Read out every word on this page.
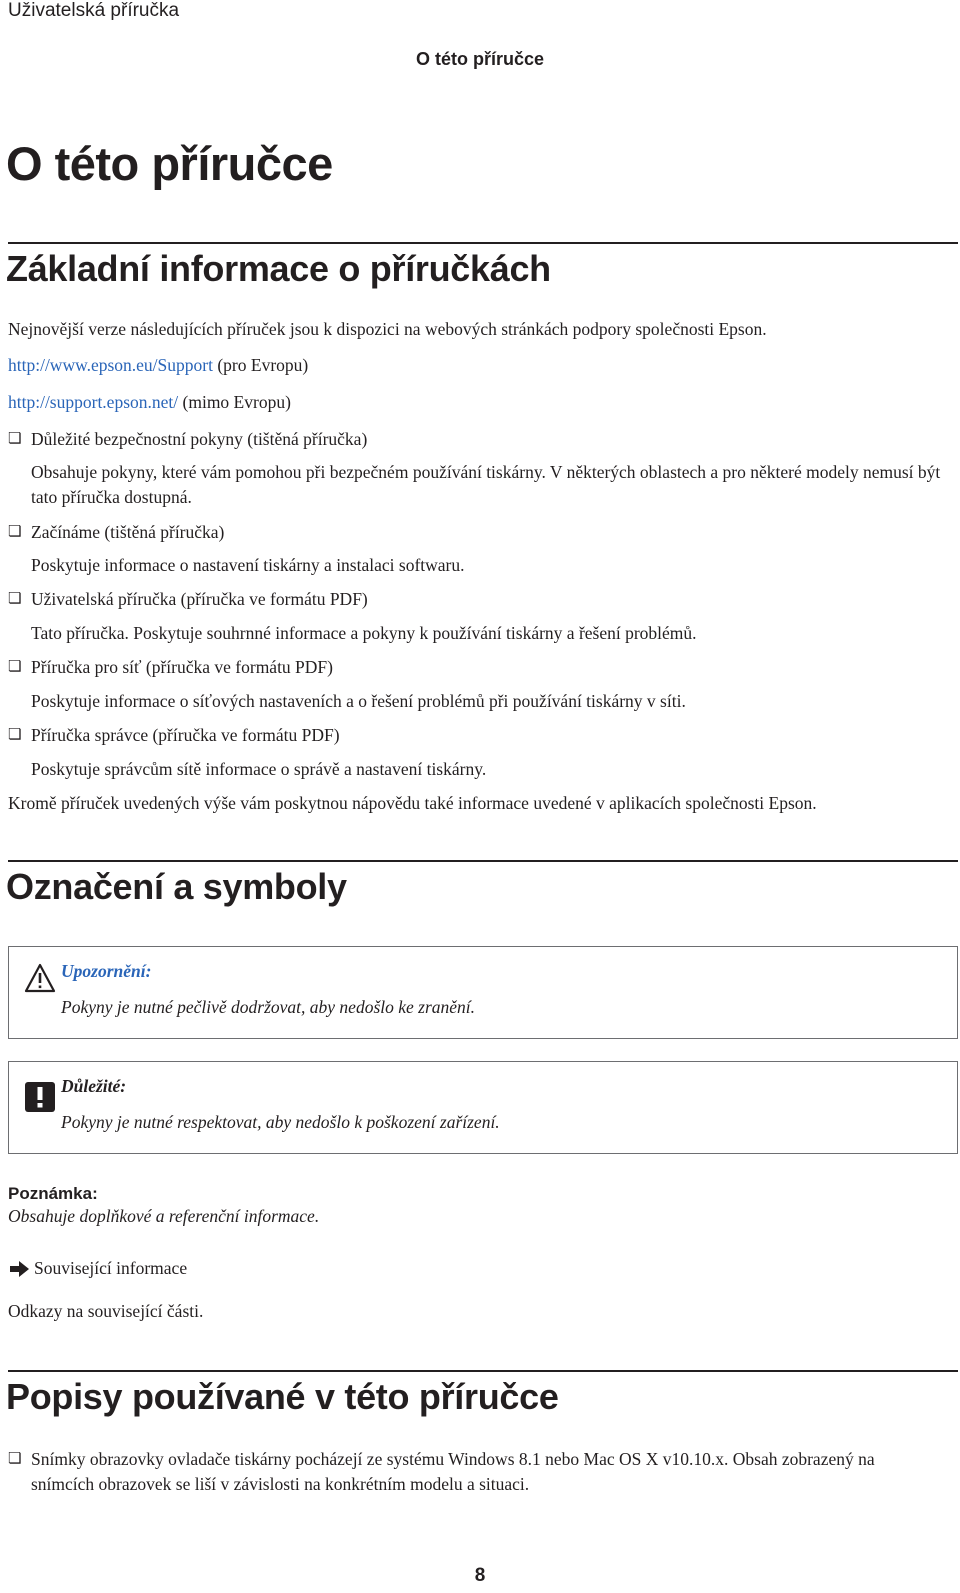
Uživatelská příručka
O této příručce
O této příručce
Základní informace o příručkách
Nejnovější verze následujících příruček jsou k dispozici na webových stránkách podpory společnosti Epson.
http://www.epson.eu/Support (pro Evropu)
http://support.epson.net/ (mimo Evropu)
❏ Důležité bezpečnostní pokyny (tištěná příručka)
Obsahuje pokyny, které vám pomohou při bezpečném používání tiskárny. V některých oblastech a pro některé modely nemusí být tato příručka dostupná.
❏ Začínáme (tištěná příručka)
Poskytuje informace o nastavení tiskárny a instalaci softwaru.
❏ Uživatelská příručka (příručka ve formátu PDF)
Tato příručka. Poskytuje souhrnné informace a pokyny k používání tiskárny a řešení problémů.
❏ Příručka pro síť (příručka ve formátu PDF)
Poskytuje informace o síťových nastaveních a o řešení problémů při používání tiskárny v síti.
❏ Příručka správce (příručka ve formátu PDF)
Poskytuje správcům sítě informace o správě a nastavení tiskárny.
Kromě příruček uvedených výše vám poskytnou nápovědu také informace uvedené v aplikacích společnosti Epson.
Označení a symboly
Upozornění:
Pokyny je nutné pečlivě dodržovat, aby nedošlo ke zranění.
Důležité:
Pokyny je nutné respektovat, aby nedošlo k poškození zařízení.
Poznámka:
Obsahuje doplňkové a referenční informace.
Související informace
Odkazy na související části.
Popisy používané v této příručce
❏ Snímky obrazovky ovladače tiskárny pocházejí ze systému Windows 8.1 nebo Mac OS X v10.10.x. Obsah zobrazený na snímcích obrazovek se liší v závislosti na konkrétním modelu a situaci.
8
